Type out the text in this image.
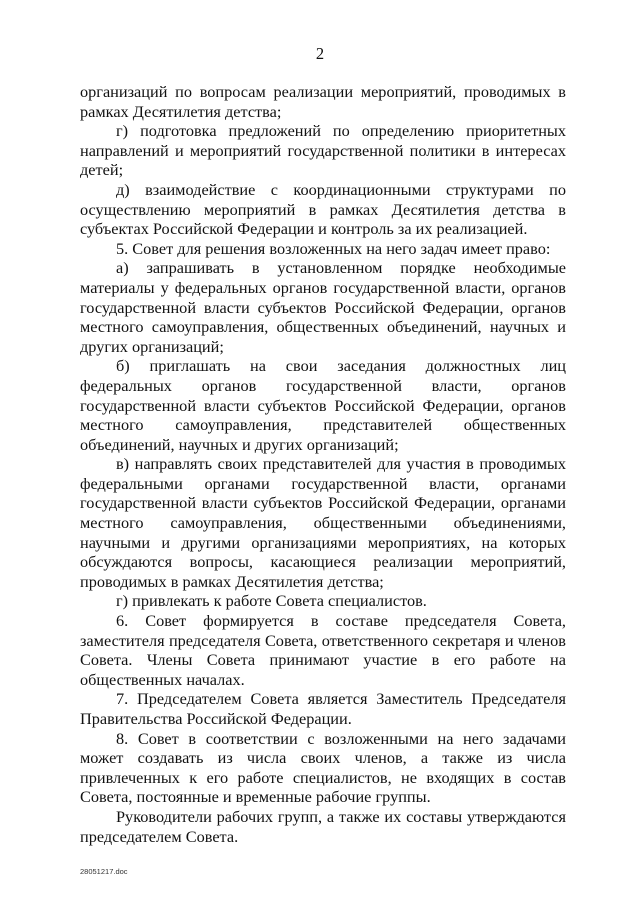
2

организаций по вопросам реализации мероприятий, проводимых в рамках Десятилетия детства;

г) подготовка предложений по определению приоритетных направлений и мероприятий государственной политики в интересах детей;

д) взаимодействие с координационными структурами по осуществлению мероприятий в рамках Десятилетия детства в субъектах Российской Федерации и контроль за их реализацией.

5. Совет для решения возложенных на него задач имеет право:

а) запрашивать в установленном порядке необходимые материалы у федеральных органов государственной власти, органов государственной власти субъектов Российской Федерации, органов местного самоуправления, общественных объединений, научных и других организаций;

б) приглашать на свои заседания должностных лиц федеральных органов государственной власти, органов государственной власти субъектов Российской Федерации, органов местного самоуправления, представителей общественных объединений, научных и других организаций;

в) направлять своих представителей для участия в проводимых федеральными органами государственной власти, органами государственной власти субъектов Российской Федерации, органами местного самоуправления, общественными объединениями, научными и другими организациями мероприятиях, на которых обсуждаются вопросы, касающиеся реализации мероприятий, проводимых в рамках Десятилетия детства;

г) привлекать к работе Совета специалистов.

6. Совет формируется в составе председателя Совета, заместителя председателя Совета, ответственного секретаря и членов Совета. Члены Совета принимают участие в его работе на общественных началах.

7. Председателем Совета является Заместитель Председателя Правительства Российской Федерации.

8. Совет в соответствии с возложенными на него задачами может создавать из числа своих членов, а также из числа привлеченных к его работе специалистов, не входящих в состав Совета, постоянные и временные рабочие группы.

Руководители рабочих групп, а также их составы утверждаются председателем Совета.

28051217.doc
